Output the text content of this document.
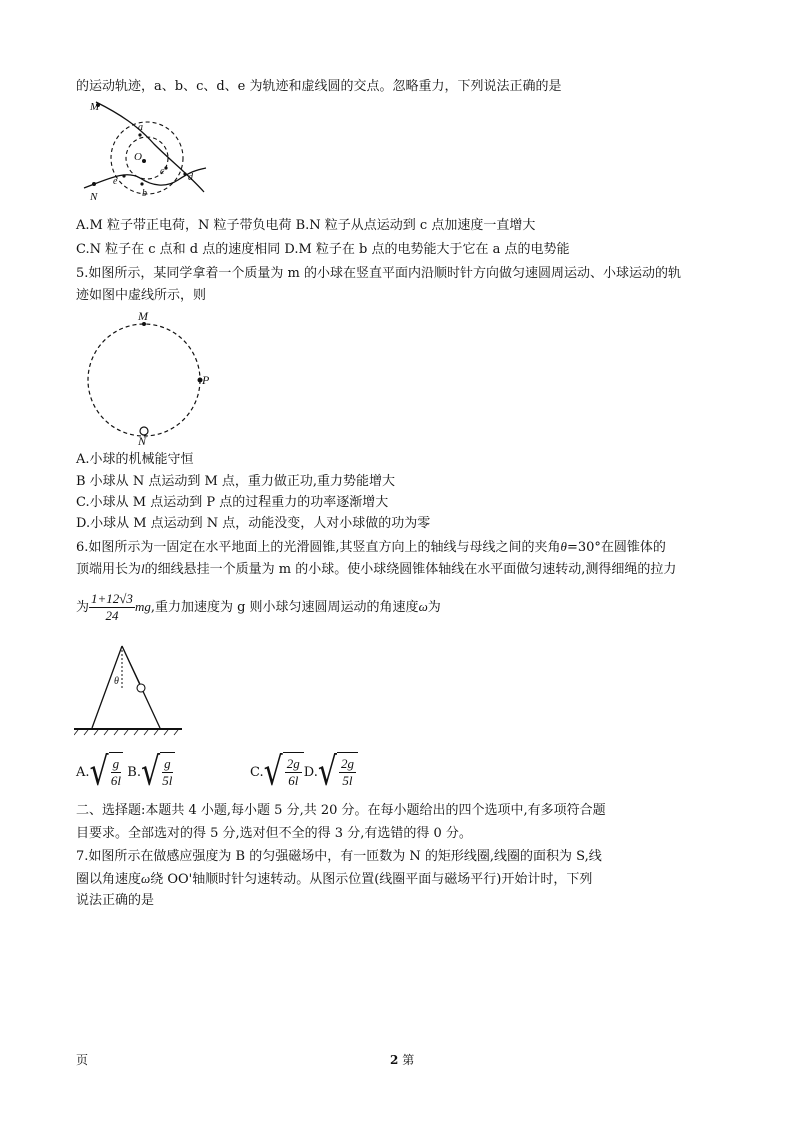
的运动轨迹，a、b、c、d、e 为轨迹和虚线圆的交点。忽略重力，下列说法正确的是
M
a
O
c
d
e
b
N
A.M 粒子带正电荷，N 粒子带负电荷 B.N 粒子从点运动到 c 点加速度一直增大
C.N 粒子在 c 点和 d 点的速度相同 D.M 粒子在 b 点的电势能大于它在 a 点的电势能
5.如图所示，某同学拿着一个质量为 m 的小球在竖直平面内沿顺时针方向做匀速圆周运动、小球运动的轨
迹如图中虚线所示，则
M
P
N
A.小球的机械能守恒
B 小球从 N 点运动到 M 点，重力做正功,重力势能增大
C.小球从 M 点运动到 P 点的过程重力的功率逐渐增大
D.小球从 M 点运动到 N 点，动能没变，人对小球做的功为零
6.如图所示为一固定在水平地面上的光滑圆锥,其竖直方向上的轴线与母线之间的夹角θ=30°在圆锥体的
顶端用长为l的细线悬挂一个质量为 m 的小球。使小球绕圆锥体轴线在水平面做匀速转动,测得细绳的拉力
为 $\frac{1+12√3}{24}$ mg,重力加速度为 g 则小球匀速圆周运动的角速度ω为
θ
A. √ $\frac{g}{6l} B$. √ $\frac{g}{5l}$	C. √ $\frac{2g}{6l} D$. √ $\frac{2g}{5l}$
二、选择题:本题共 4 小题,每小题 5 分,共 20 分。在每小题给出的四个选项中,有多项符合题
目要求。全部选对的得 5 分,选对但不全的得 3 分,有选错的得 0 分。
7.如图所示在做感应强度为 B 的匀强磁场中，有一匝数为 N 的矩形线圈,线圈的面积为 S,线
圈以角速度ω绕 OO'轴顺时针匀速转动。从图示位置(线圈平面与磁场平行)开始计时，下列
说法正确的是
页	2 第
